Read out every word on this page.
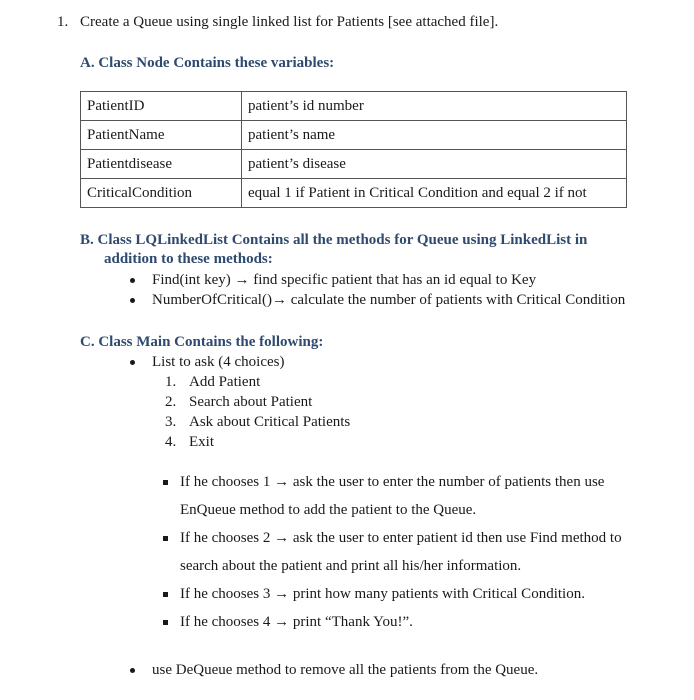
1. Create a Queue using single linked list for Patients [see attached file].
A. Class Node Contains these variables:
PatientID	patient’s id number
PatientName	patient’s name
Patientdisease	patient’s disease
CriticalCondition	equal 1 if Patient in Critical Condition and equal 2 if not
B. Class LQLinkedList Contains all the methods for Queue using LinkedList in
addition to these methods:
Find(int key) → find specific patient that has an id equal to Key
NumberOfCritical()→ calculate the number of patients with Critical Condition
C. Class Main Contains the following:
List to ask (4 choices)
1. Add Patient
2. Search about Patient
3. Ask about Critical Patients
4. Exit
If he chooses 1 → ask the user to enter the number of patients then use
EnQueue method to add the patient to the Queue.
If he chooses 2 → ask the user to enter patient id then use Find method to
search about the patient and print all his/her information.
If he chooses 3 → print how many patients with Critical Condition.
If he chooses 4 → print “Thank You!”.
use DeQueue method to remove all the patients from the Queue.
